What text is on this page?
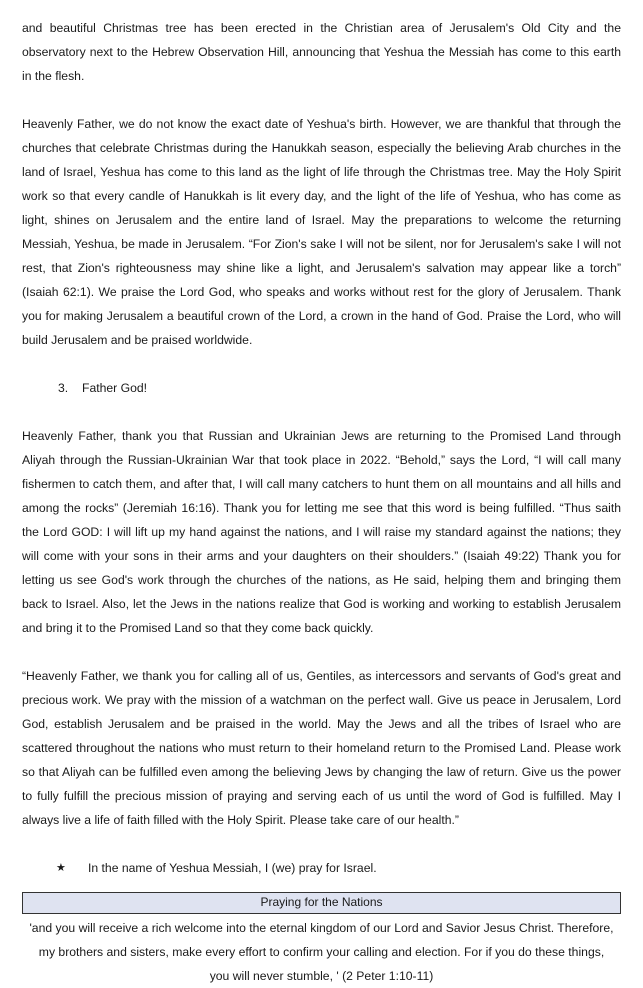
and beautiful Christmas tree has been erected in the Christian area of Jerusalem's Old City and the observatory next to the Hebrew Observation Hill, announcing that Yeshua the Messiah has come to this earth in the flesh.

Heavenly Father, we do not know the exact date of Yeshua's birth. However, we are thankful that through the churches that celebrate Christmas during the Hanukkah season, especially the believing Arab churches in the land of Israel, Yeshua has come to this land as the light of life through the Christmas tree. May the Holy Spirit work so that every candle of Hanukkah is lit every day, and the light of the life of Yeshua, who has come as light, shines on Jerusalem and the entire land of Israel. May the preparations to welcome the returning Messiah, Yeshua, be made in Jerusalem. “For Zion's sake I will not be silent, nor for Jerusalem's sake I will not rest, that Zion's righteousness may shine like a light, and Jerusalem's salvation may appear like a torch” (Isaiah 62:1). We praise the Lord God, who speaks and works without rest for the glory of Jerusalem. Thank you for making Jerusalem a beautiful crown of the Lord, a crown in the hand of God. Praise the Lord, who will build Jerusalem and be praised worldwide.

3.	Father God!

Heavenly Father, thank you that Russian and Ukrainian Jews are returning to the Promised Land through Aliyah through the Russian-Ukrainian War that took place in 2022. “Behold,” says the Lord, “I will call many fishermen to catch them, and after that, I will call many catchers to hunt them on all mountains and all hills and among the rocks” (Jeremiah 16:16). Thank you for letting me see that this word is being fulfilled. “Thus saith the Lord GOD: I will lift up my hand against the nations, and I will raise my standard against the nations; they will come with your sons in their arms and your daughters on their shoulders.” (Isaiah 49:22) Thank you for letting us see God's work through the churches of the nations, as He said, helping them and bringing them back to Israel. Also, let the Jews in the nations realize that God is working and working to establish Jerusalem and bring it to the Promised Land so that they come back quickly.

“Heavenly Father, we thank you for calling all of us, Gentiles, as intercessors and servants of God's great and precious work. We pray with the mission of a watchman on the perfect wall. Give us peace in Jerusalem, Lord God, establish Jerusalem and be praised in the world. May the Jews and all the tribes of Israel who are scattered throughout the nations who must return to their homeland return to the Promised Land. Please work so that Aliyah can be fulfilled even among the believing Jews by changing the law of return. Give us the power to fully fulfill the precious mission of praying and serving each of us until the word of God is fulfilled. May I always live a life of faith filled with the Holy Spirit. Please take care of our health.”

★	In the name of Yeshua Messiah, I (we) pray for Israel.
Praying for the Nations

'and you will receive a rich welcome into the eternal kingdom of our Lord and Savior Jesus Christ. Therefore, my brothers and sisters, make every effort to confirm your calling and election. For if you do these things, you will never stumble, ' (2 Peter 1:10-11)
